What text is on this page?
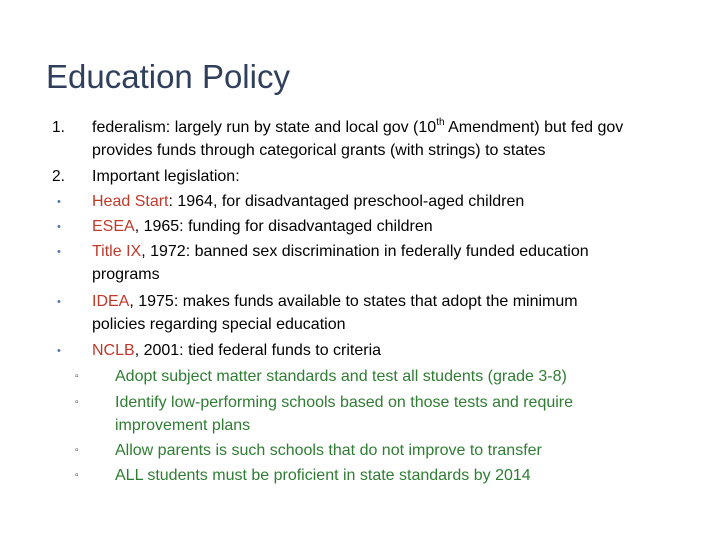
Education Policy
1. federalism: largely run by state and local gov (10th Amendment) but fed gov
provides funds through categorical grants (with strings) to states
2. Important legislation:
• Head Start: 1964, for disadvantaged preschool-aged children
• ESEA, 1965: funding for disadvantaged children
• Title IX, 1972: banned sex discrimination in federally funded education
programs
• IDEA, 1975: makes funds available to states that adopt the minimum
policies regarding special education
• NCLB, 2001: tied federal funds to criteria
▫ Adopt subject matter standards and test all students (grade 3-8)
▫ Identify low-performing schools based on those tests and require
improvement plans
▫ Allow parents is such schools that do not improve to transfer
▫ ALL students must be proficient in state standards by 2014
